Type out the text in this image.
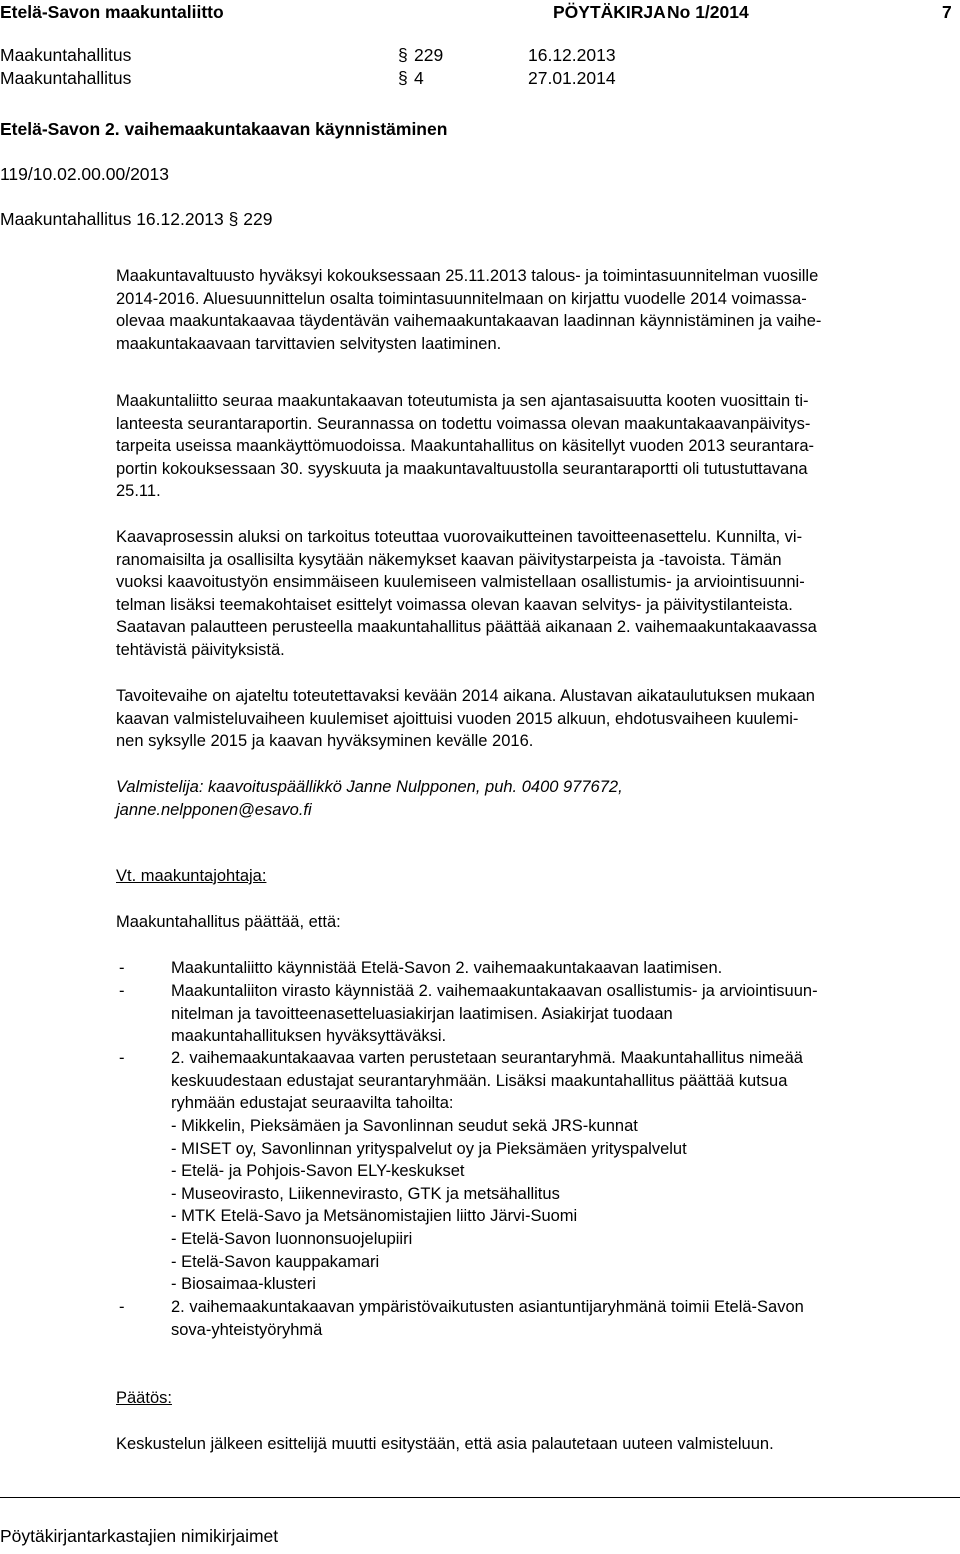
Etelä-Savon maakuntaliitto	PÖYTÄKIRJA No 1/2014	7
Maakuntahallitus	§ 229	16.12.2013
Maakuntahallitus	§ 4	27.01.2014
Etelä-Savon 2. vaihemaakuntakaavan käynnistäminen
119/10.02.00.00/2013
Maakuntahallitus 16.12.2013 § 229
Maakuntavaltuusto hyväksyi kokouksessaan 25.11.2013 talous- ja toimintasuunnitelman vuosille
2014-2016. Aluesuunnittelun osalta toimintasuunnitelmaan on kirjattu vuodelle 2014 voimassa-
olevaa maakuntakaavaa täydentävän vaihemaakuntakaavan laadinnan käynnistäminen ja vaihe-
maakuntakaavaan tarvittavien selvitysten laatiminen.
Maakuntaliitto seuraa maakuntakaavan toteutumista ja sen ajantasaisuutta kooten vuosittain ti-
lanteesta seurantaraportin. Seurannassa on todettu voimassa olevan maakuntakaavanpäivitys-
tarpeita useissa maankäyttömuodoissa. Maakuntahallitus on käsitellyt vuoden 2013 seurantara-
portin kokouksessaan 30. syyskuuta ja maakuntavaltuustolla seurantaraportti oli tutustuttavana
25.11.
Kaavaprosessin aluksi on tarkoitus toteuttaa vuorovaikutteinen tavoitteenasettelu. Kunnilta, vi-
ranomaisilta ja osallisilta kysytään näkemykset kaavan päivitystarpeista ja -tavoista. Tämän
vuoksi kaavoitustyön ensimmäiseen kuulemiseen valmistellaan osallistumis- ja arviointisuunni-
telman lisäksi teemakohtaiset esittelyt voimassa olevan kaavan selvitys- ja päivitystilanteista.
Saatavan palautteen perusteella maakuntahallitus päättää aikanaan 2. vaihemaakuntakaavassa
tehtävistä päivityksistä.
Tavoitevaihe on ajateltu toteutettavaksi kevään 2014 aikana. Alustavan aikataulutuksen mukaan
kaavan valmisteluvaiheen kuulemiset ajoittuisi vuoden 2015 alkuun, ehdotusvaiheen kuulemi-
nen syksylle 2015 ja kaavan hyväksyminen kevälle 2016.
Valmistelija: kaavoituspäällikkö Janne Nulpponen, puh. 0400 977672,
janne.nelpponen@esavo.fi
Vt. maakuntajohtaja:
Maakuntahallitus päättää, että:
-	Maakuntaliitto käynnistää Etelä-Savon 2. vaihemaakuntakaavan laatimisen.
-	Maakuntaliiton virasto käynnistää 2. vaihemaakuntakaavan osallistumis- ja arviointisuun-
nitelman ja tavoitteenasetteluasiakirjan laatimisen. Asiakirjat tuodaan
maakuntahallituksen hyväksyttäväksi.
-	2. vaihemaakuntakaavaa varten perustetaan seurantaryhmä. Maakuntahallitus nimeää
keskuudestaan edustajat seurantaryhmään. Lisäksi maakuntahallitus päättää kutsua
ryhmään edustajat seuraavilta tahoilta:
- Mikkelin, Pieksämäen ja Savonlinnan seudut sekä JRS-kunnat
- MISET oy, Savonlinnan yrityspalvelut oy ja Pieksämäen yrityspalvelut
- Etelä- ja Pohjois-Savon ELY-keskukset
- Museovirasto, Liikennevirasto, GTK ja metsähallitus
- MTK Etelä-Savo ja Metsänomistajien liitto Järvi-Suomi
- Etelä-Savon luonnonsuojelupiiri
- Etelä-Savon kauppakamari
- Biosaimaa-klusteri
-	2. vaihemaakuntakaavan ympäristövaikutusten asiantuntijaryhmänä toimii Etelä-Savon
sova-yhteistyöryhmä
Päätös:
Keskustelun jälkeen esittelijä muutti esitystään, että asia palautetaan uuteen valmisteluun.
Pöytäkirjantarkastajien nimikirjaimet
